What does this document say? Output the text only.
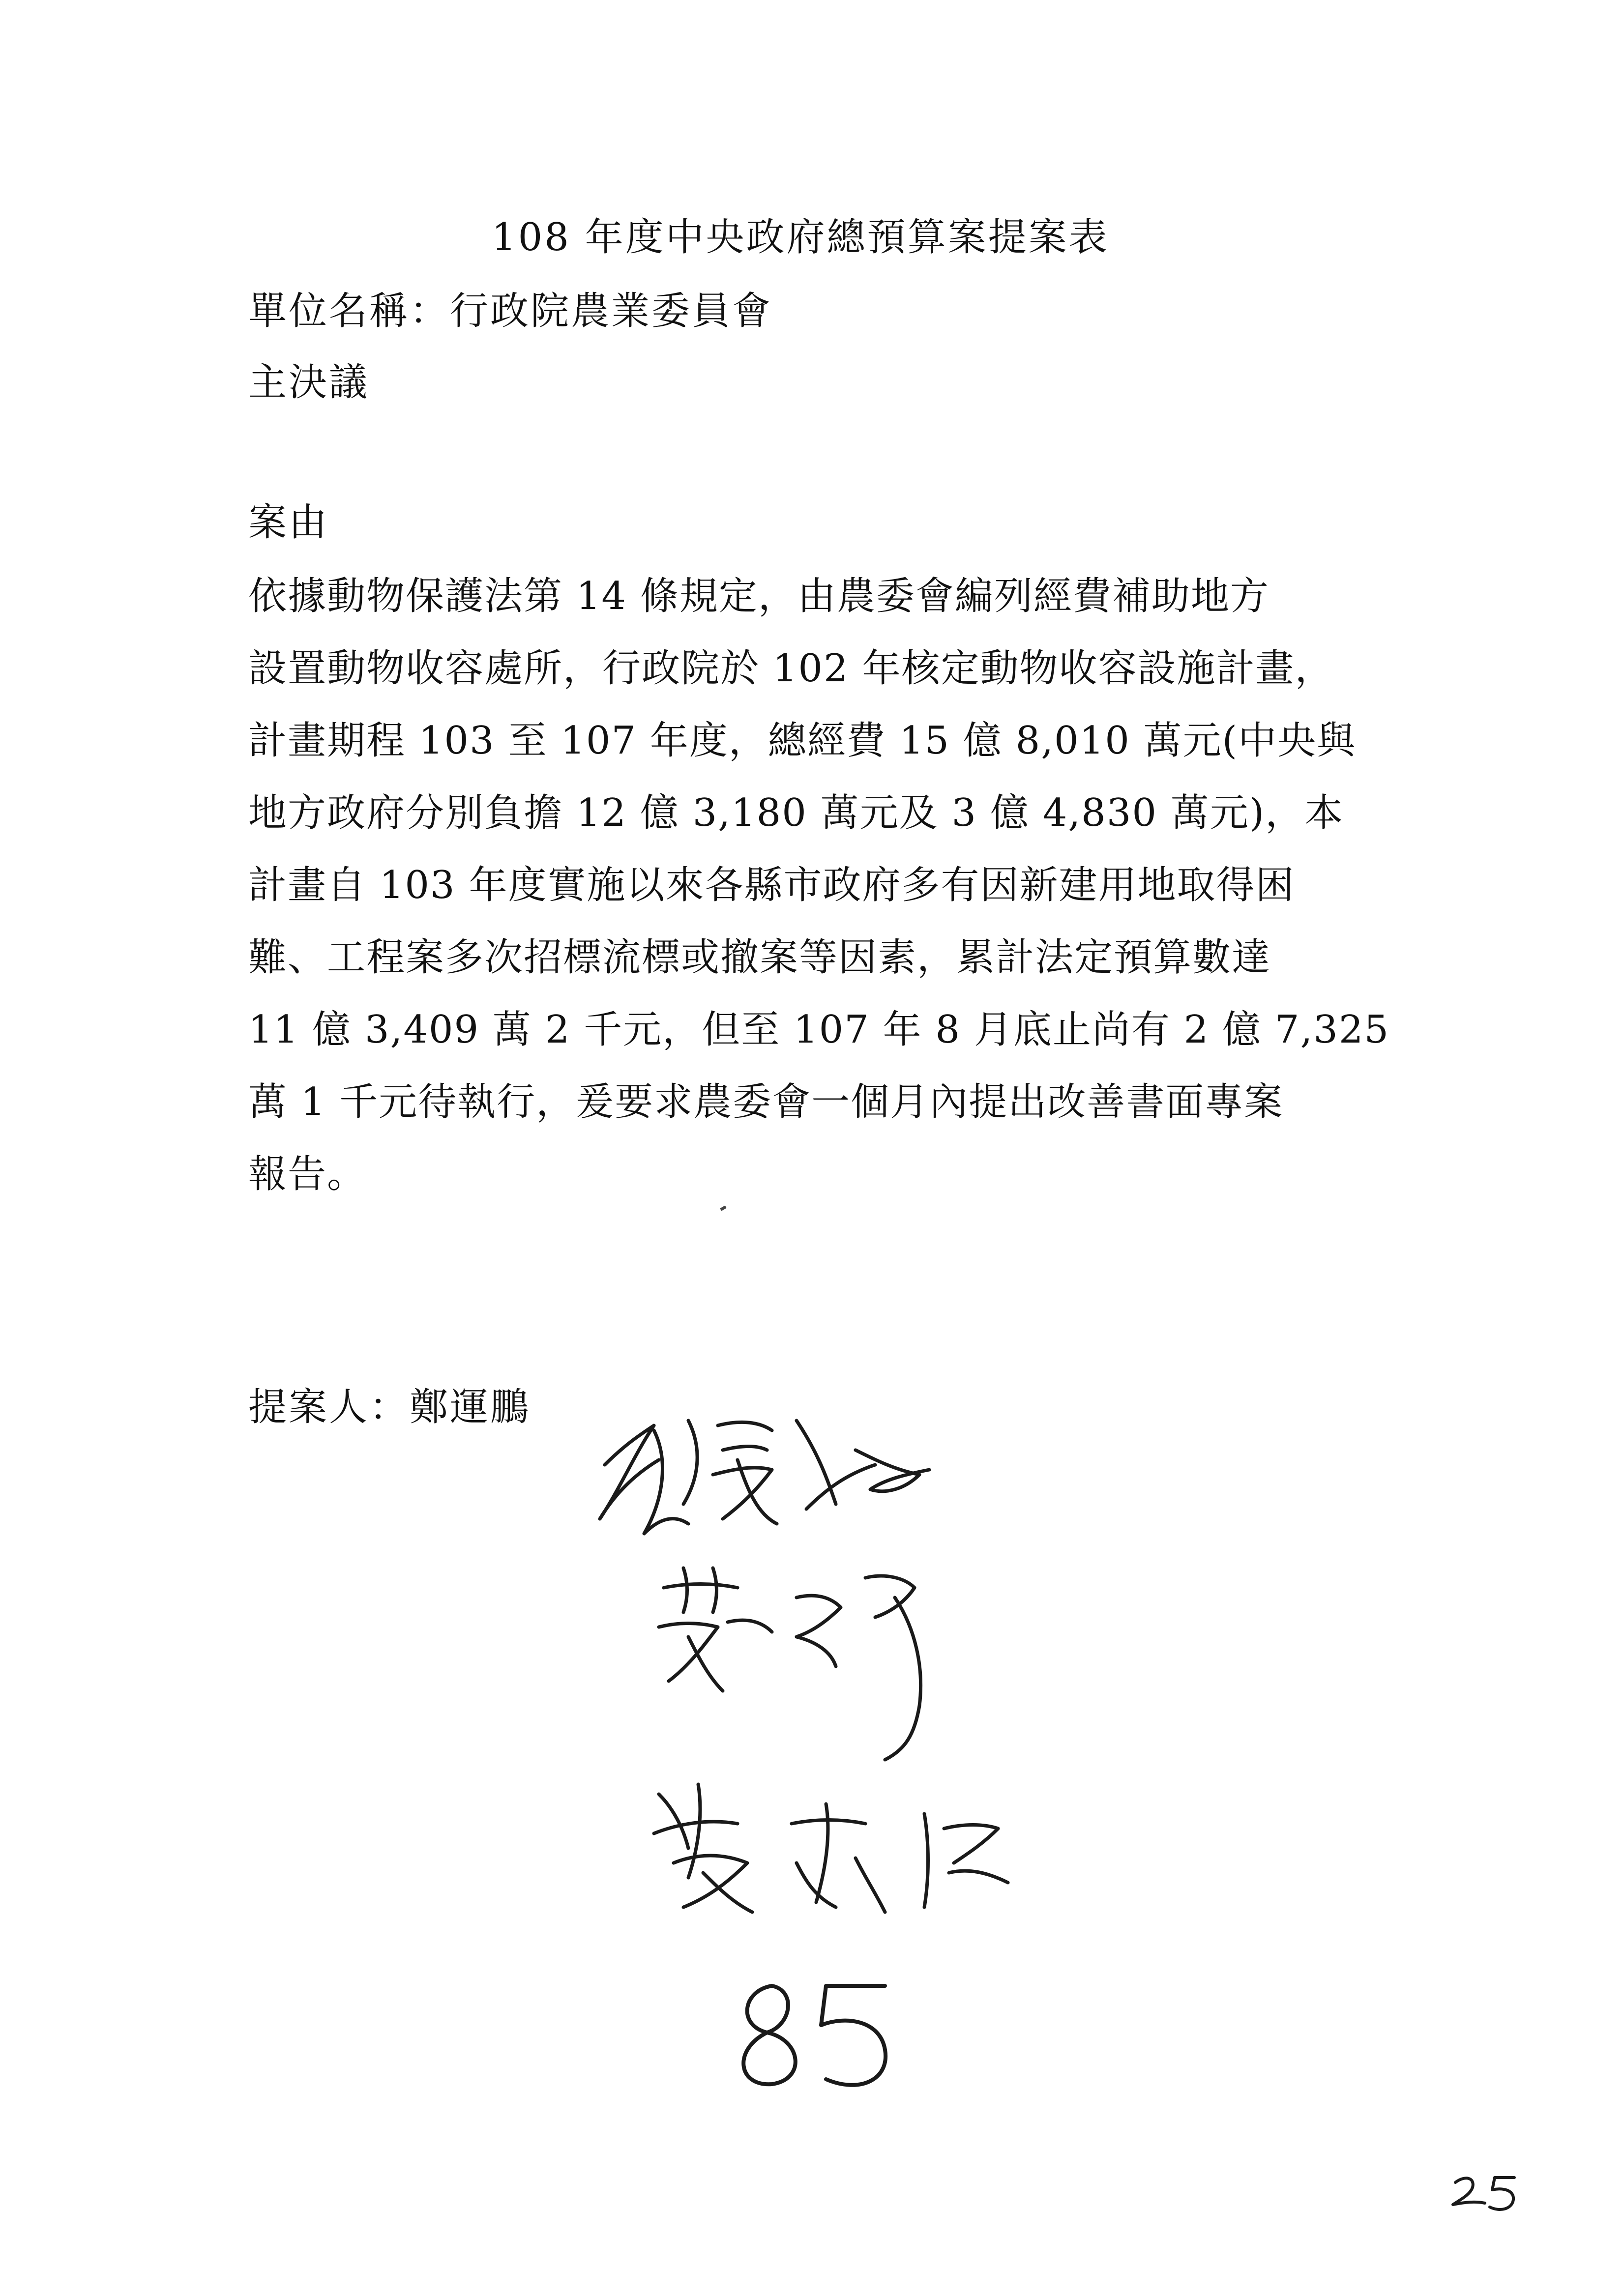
108 年度中央政府總預算案提案表
單位名稱：行政院農業委員會
主決議
案由
依據動物保護法第 14 條規定，由農委會編列經費補助地方
設置動物收容處所，行政院於 102 年核定動物收容設施計畫，
計畫期程 103 至 107 年度，總經費 15 億 8,010 萬元(中央與
地方政府分別負擔 12 億 3,180 萬元及 3 億 4,830 萬元)，本
計畫自 103 年度實施以來各縣市政府多有因新建用地取得困
難、工程案多次招標流標或撤案等因素，累計法定預算數達
11 億 3,409 萬 2 千元，但至 107 年 8 月底止尚有 2 億 7,325
萬 1 千元待執行，爰要求農委會一個月內提出改善書面專案
報告。
提案人：鄭運鵬
